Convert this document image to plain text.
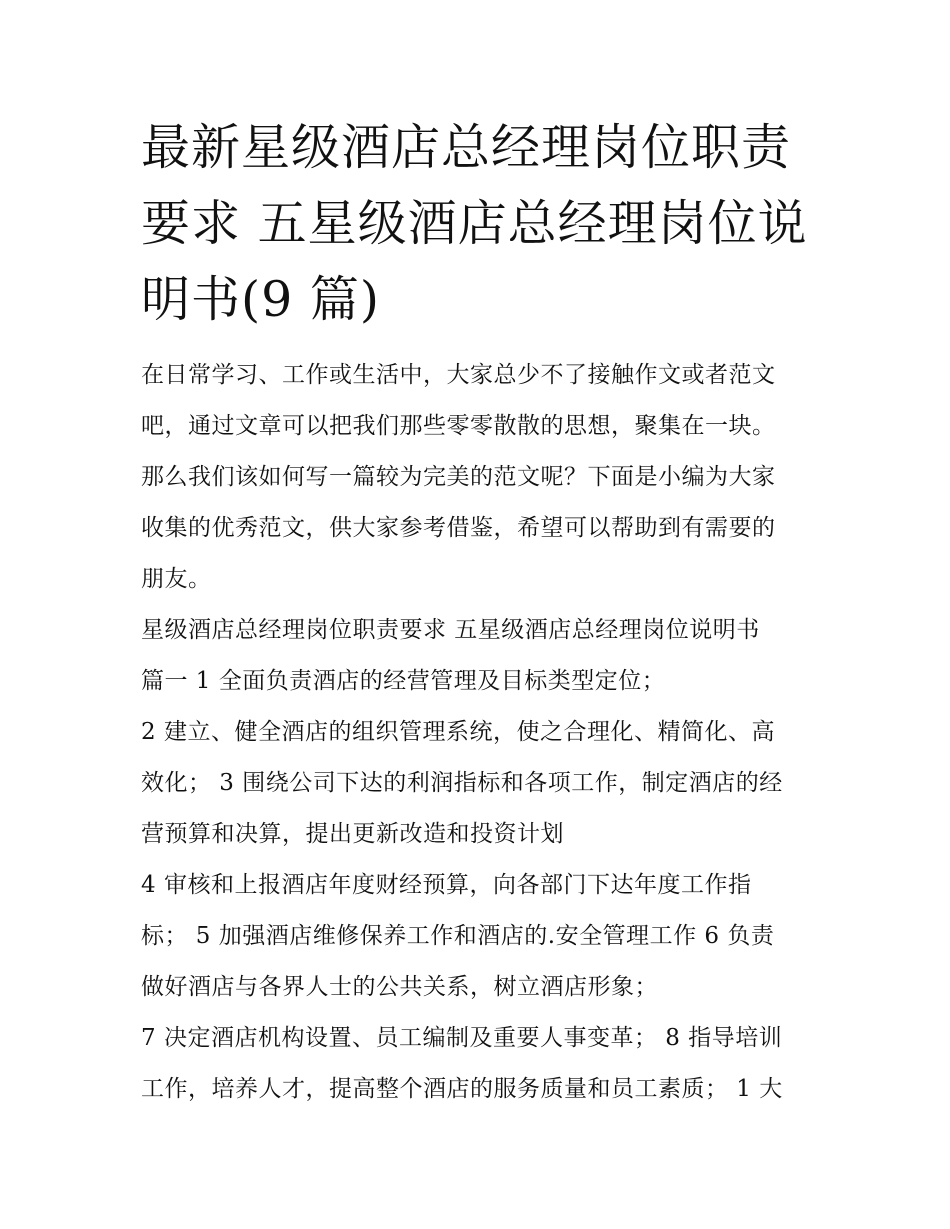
最新星级酒店总经理岗位职责
要求 五星级酒店总经理岗位说
明书(9 篇)

在日常学习、工作或生活中，大家总少不了接触作文或者范文
吧，通过文章可以把我们那些零零散散的思想，聚集在一块。
那么我们该如何写一篇较为完美的范文呢？下面是小编为大家
收集的优秀范文，供大家参考借鉴，希望可以帮助到有需要的
朋友。

星级酒店总经理岗位职责要求 五星级酒店总经理岗位说明书
篇一 1 全面负责酒店的经营管理及目标类型定位；

2 建立、健全酒店的组织管理系统，使之合理化、精简化、高
效化； 3 围绕公司下达的利润指标和各项工作，制定酒店的经
营预算和决算，提出更新改造和投资计划

4 审核和上报酒店年度财经预算，向各部门下达年度工作指
标； 5 加强酒店维修保养工作和酒店的.安全管理工作 6 负责
做好酒店与各界人士的公共关系，树立酒店形象；

7 决定酒店机构设置、员工编制及重要人事变革； 8 指导培训
工作，培养人才，提高整个酒店的服务质量和员工素质； 1 大
